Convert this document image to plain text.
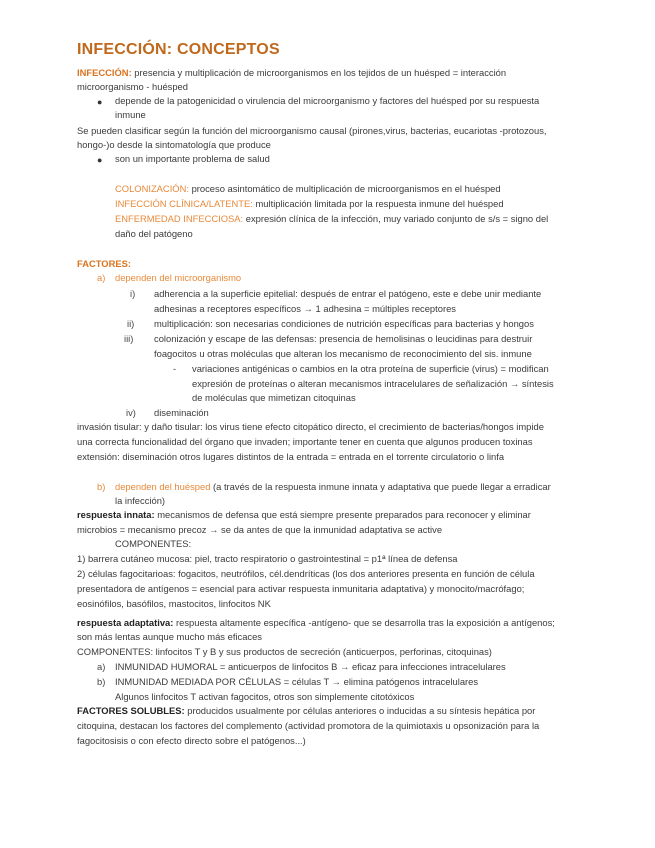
INFECCIÓN: CONCEPTOS
INFECCIÓN: presencia y multiplicación de microorganismos en los tejidos de un huésped = interacción
microorganismo - huésped
● depende de la patogenicidad o virulencia del microorganismo y factores del huésped por su respuesta
inmune
Se pueden clasificar según la función del microorganismo causal (pirones,virus, bacterias, eucariotas -protozous,
hongo-)o desde la sintomatología que produce
● son un importante problema de salud
COLONIZACIÓN: proceso asintomático de multiplicación de microorganismos en el huésped
INFECCIÓN CLÍNICA/LATENTE: multiplicación limitada por la respuesta inmune del huésped
ENFERMEDAD INFECCIOSA: expresión clínica de la infección, muy variado conjunto de s/s = signo del
daño del patógeno
FACTORES:
a) dependen del microorganismo
i) adherencia a la superficie epitelial: después de entrar el patógeno, este e debe unir mediante
adhesinas a receptores específicos → 1 adhesina = múltiples receptores
ii) multiplicación: son necesarias condiciones de nutrición específicas para bacterias y hongos
iii) colonización y escape de las defensas: presencia de hemolisinas o leucidinas para destruir
foagocitos u otras moléculas que alteran los mecanismo de reconocimiento del sis. inmune
- variaciones antigénicas o cambios en la otra proteína de superficie (virus) = modifican
expresión de proteínas o alteran mecanismos intracelulares de señalización → síntesis
de moléculas que mimetizan citoquinas
iv) diseminación
invasión tisular: y daño tisular: los virus tiene efecto citopático directo, el crecimiento de bacterias/hongos impide
una correcta funcionalidad del órgano que invaden; importante tener en cuenta que algunos producen toxinas
extensión: diseminación otros lugares distintos de la entrada = entrada en el torrente circulatorio o linfa
b) dependen del huésped (a través de la respuesta inmune innata y adaptativa que puede llegar a erradicar
la infección)
respuesta innata: mecanismos de defensa que está siempre presente preparados para reconocer y eliminar
microbios = mecanismo precoz → se da antes de que la inmunidad adaptativa se active
COMPONENTES:
1) barrera cutáneo mucosa: piel, tracto respiratorio o gastrointestinal = p1ª línea de defensa
2) células fagocitarioas: fogacitos, neutrófilos, cél.dendríticas (los dos anteriores presenta en función de célula
presentadora de antígenos = esencial para activar respuesta inmunitaria adaptativa) y monocito/macrófago;
eosinófilos, basófilos, mastocitos, linfocitos NK
respuesta adaptativa: respuesta altamente específica -antígeno- que se desarrolla tras la exposición a antígenos;
son más lentas aunque mucho más eficaces
COMPONENTES: linfocitos T y B y sus productos de secreción (anticuerpos, perforinas, citoquinas)
a) INMUNIDAD HUMORAL = anticuerpos de linfocitos B → eficaz para infecciones intracelulares
b) INMUNIDAD MEDIADA POR CÉLULAS = células T → elimina patógenos intracelulares
Algunos linfocitos T activan fagocitos, otros son simplemente citotóxicos
FACTORES SOLUBLES: producidos usualmente por células anteriores o inducidas a su síntesis hepática por
citoquina, destacan los factores del complemento (actividad promotora de la quimiotaxis u opsonización para la
fagocitosisis o con efecto directo sobre el patógenos...)
